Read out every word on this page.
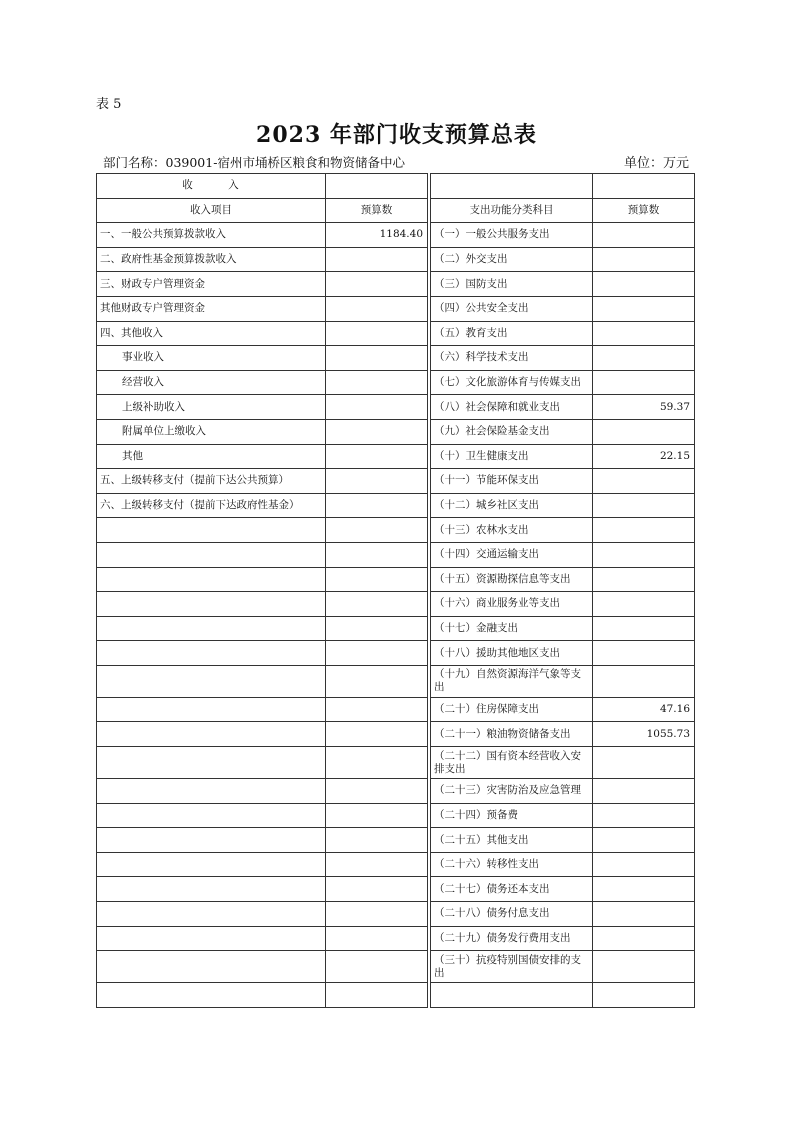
表 5
2023 年部门收支预算总表
部门名称：039001-宿州市埇桥区粮食和物资储备中心	单位：万元
收　　　入				
收入项目	预算数		支出功能分类科目	预算数
一、一般公共预算拨款收入	1184.40		（一）一般公共服务支出	
二、政府性基金预算拨款收入			（二）外交支出	
三、财政专户管理资金			（三）国防支出	
其他财政专户管理资金			（四）公共安全支出	
四、其他收入			（五）教育支出	
事业收入			（六）科学技术支出	
经营收入			（七）文化旅游体育与传媒支出	
上级补助收入			（八）社会保障和就业支出	59.37
附属单位上缴收入			（九）社会保险基金支出	
其他			（十）卫生健康支出	22.15
五、上级转移支付（提前下达公共预算）			（十一）节能环保支出	
六、上级转移支付（提前下达政府性基金）			（十二）城乡社区支出	
			（十三）农林水支出	
			（十四）交通运输支出	
			（十五）资源勘探信息等支出	
			（十六）商业服务业等支出	
			（十七）金融支出	
			（十八）援助其他地区支出	
			（十九）自然资源海洋气象等支出	
			（二十）住房保障支出	47.16
			（二十一）粮油物资储备支出	1055.73
			（二十二）国有资本经营收入安排支出	
			（二十三）灾害防治及应急管理	
			（二十四）预备费	
			（二十五）其他支出	
			（二十六）转移性支出	
			（二十七）债务还本支出	
			（二十八）债务付息支出	
			（二十九）债务发行费用支出	
			（三十）抗疫特别国债安排的支出	
